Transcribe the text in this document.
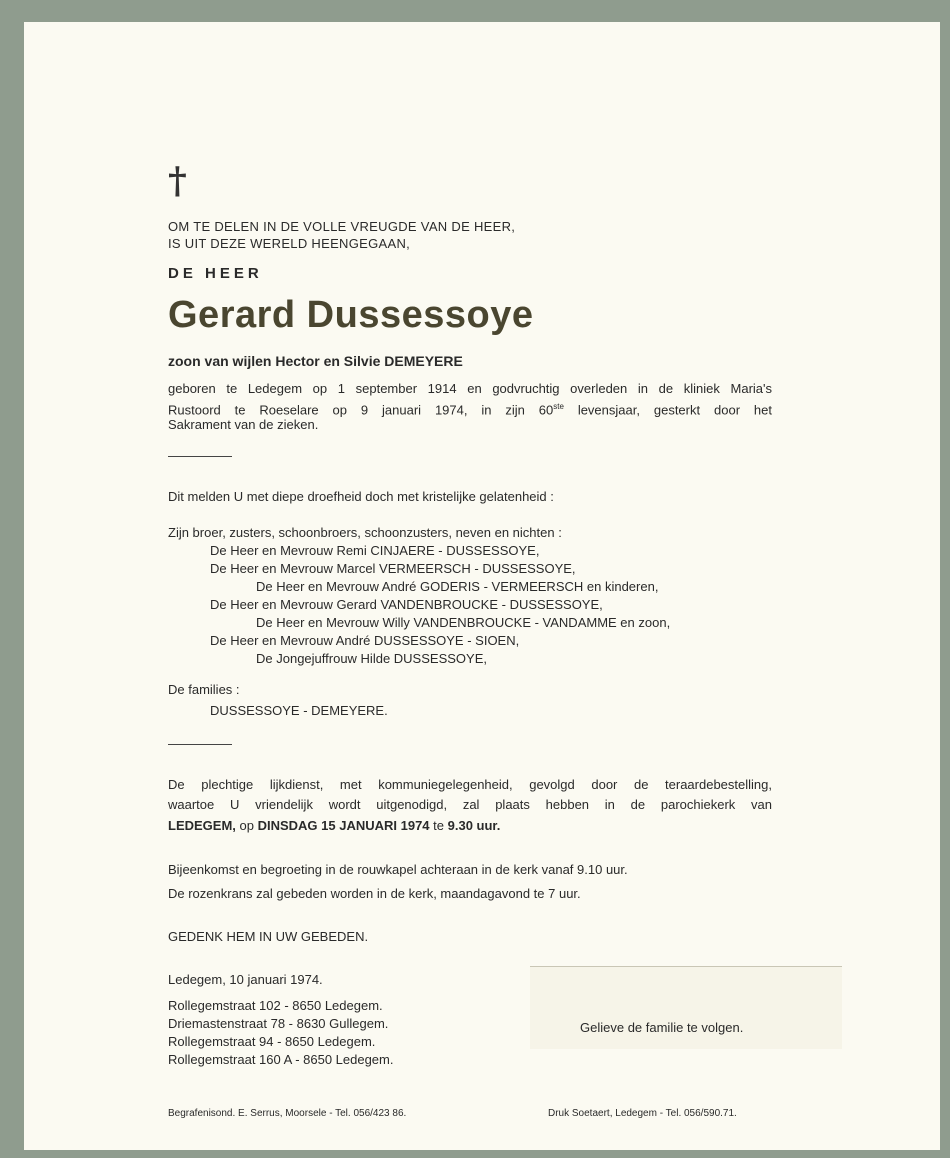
†
OM TE DELEN IN DE VOLLE VREUGDE VAN DE HEER,
IS UIT DEZE WERELD HEENGEGAAN,
DE HEER
Gerard Dussessoye
zoon van wijlen Hector en Silvie DEMEYERE
geboren te Ledegem op 1 september 1914 en godvruchtig overleden in de kliniek Maria's
Rustoord te Roeselare op 9 januari 1974, in zijn 60ste levensjaar, gesterkt door het
Sakrament van de zieken.
Dit melden U met diepe droefheid doch met kristelijke gelatenheid :
Zijn broer, zusters, schoonbroers, schoonzusters, neven en nichten :
De Heer en Mevrouw Remi CINJAERE - DUSSESSOYE,
De Heer en Mevrouw Marcel VERMEERSCH - DUSSESSOYE,
De Heer en Mevrouw André GODERIS - VERMEERSCH en kinderen,
De Heer en Mevrouw Gerard VANDENBROUCKE - DUSSESSOYE,
De Heer en Mevrouw Willy VANDENBROUCKE - VANDAMME en zoon,
De Heer en Mevrouw André DUSSESSOYE - SIOEN,
De Jongejuffrouw Hilde DUSSESSOYE,
De families :
DUSSESSOYE - DEMEYERE.
De plechtige lijkdienst, met kommuniegelegenheid, gevolgd door de teraardebestelling,
waartoe U vriendelijk wordt uitgenodigd, zal plaats hebben in de parochiekerk van
LEDEGEM, op DINSDAG 15 JANUARI 1974 te 9.30 uur.
Bijeenkomst en begroeting in de rouwkapel achteraan in de kerk vanaf 9.10 uur.
De rozenkrans zal gebeden worden in de kerk, maandagavond te 7 uur.
GEDENK HEM IN UW GEBEDEN.
Ledegem, 10 januari 1974.
Rollegemstraat 102 - 8650 Ledegem.
Driemastenstraat 78 - 8630 Gullegem.
Rollegemstraat 94 - 8650 Ledegem.
Rollegemstraat 160 A - 8650 Ledegem.
Gelieve de familie te volgen.
Begrafenisond. E. Serrus, Moorsele - Tel. 056/423 86.	Druk Soetaert, Ledegem - Tel. 056/590.71.
